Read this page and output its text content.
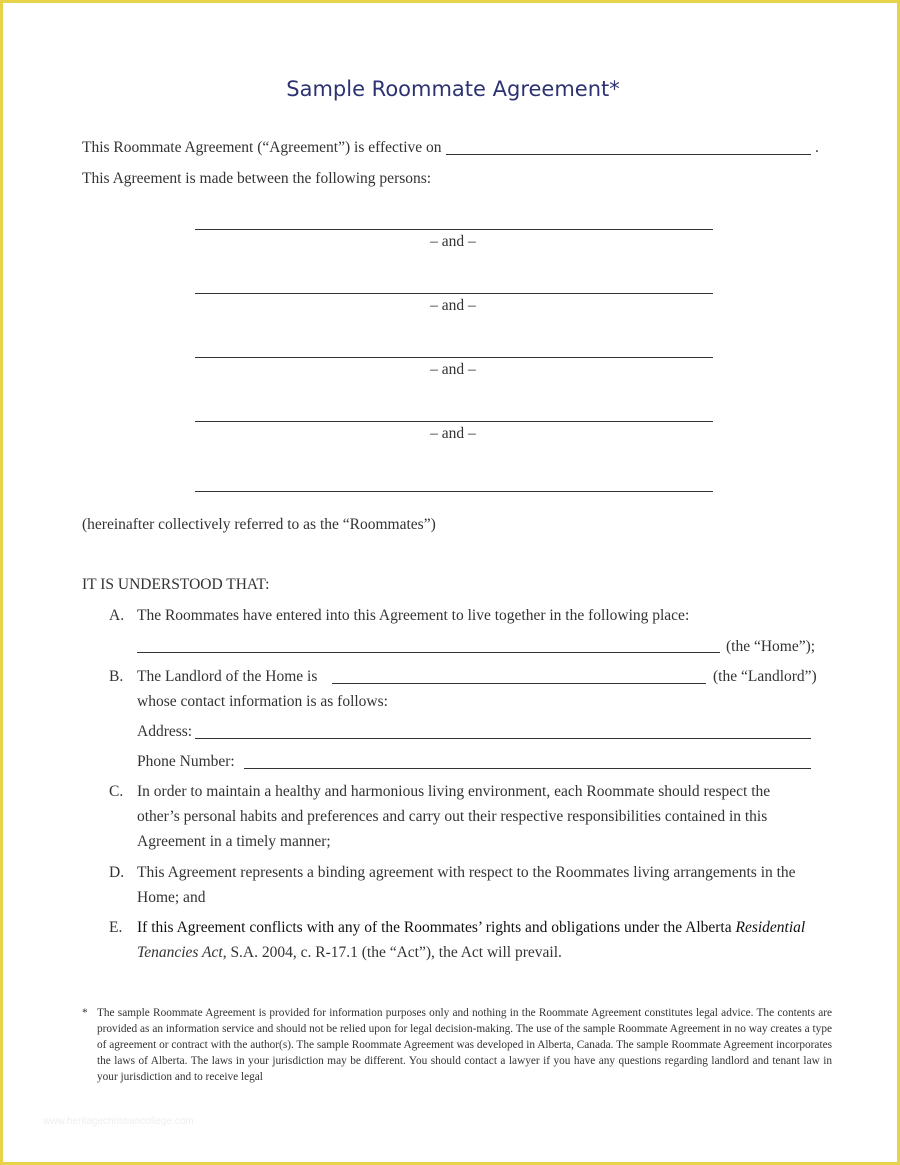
Sample Roommate Agreement*
This Roommate Agreement (“Agreement”) is effective on	.
This Agreement is made between the following persons:
– and –
– and –
– and –
– and –
(hereinafter collectively referred to as the “Roommates”)
IT IS UNDERSTOOD THAT:
A. The Roommates have entered into this Agreement to live together in the following place:
(the “Home”);
B. The Landlord of the Home is	(the “Landlord”)
whose contact information is as follows:
Address:
Phone Number:
C. In order to maintain a healthy and harmonious living environment, each Roommate should respect the
other’s personal habits and preferences and carry out their respective responsibilities contained in this
Agreement in a timely manner;
D. This Agreement represents a binding agreement with respect to the Roommates living arrangements in the
Home; and
E. If this Agreement conflicts with any of the Roommates’ rights and obligations under the Alberta Residential
Tenancies Act, S.A. 2004, c. R-17.1 (the “Act”), the Act will prevail.
* The sample Roommate Agreement is provided for information purposes only and nothing in the Roommate Agreement constitutes legal advice. The contents are provided as an information service and should not be relied upon for legal decision-making. The use of the sample Roommate Agreement in no way creates a type of agreement or contract with the author(s). The sample Roommate Agreement was developed in Alberta, Canada. The sample Roommate Agreement incorporates the laws of Alberta. The laws in your jurisdiction may be different. You should contact a lawyer if you have any questions regarding landlord and tenant law in your jurisdiction and to receive legal
www.heritagechristiancollege.com
